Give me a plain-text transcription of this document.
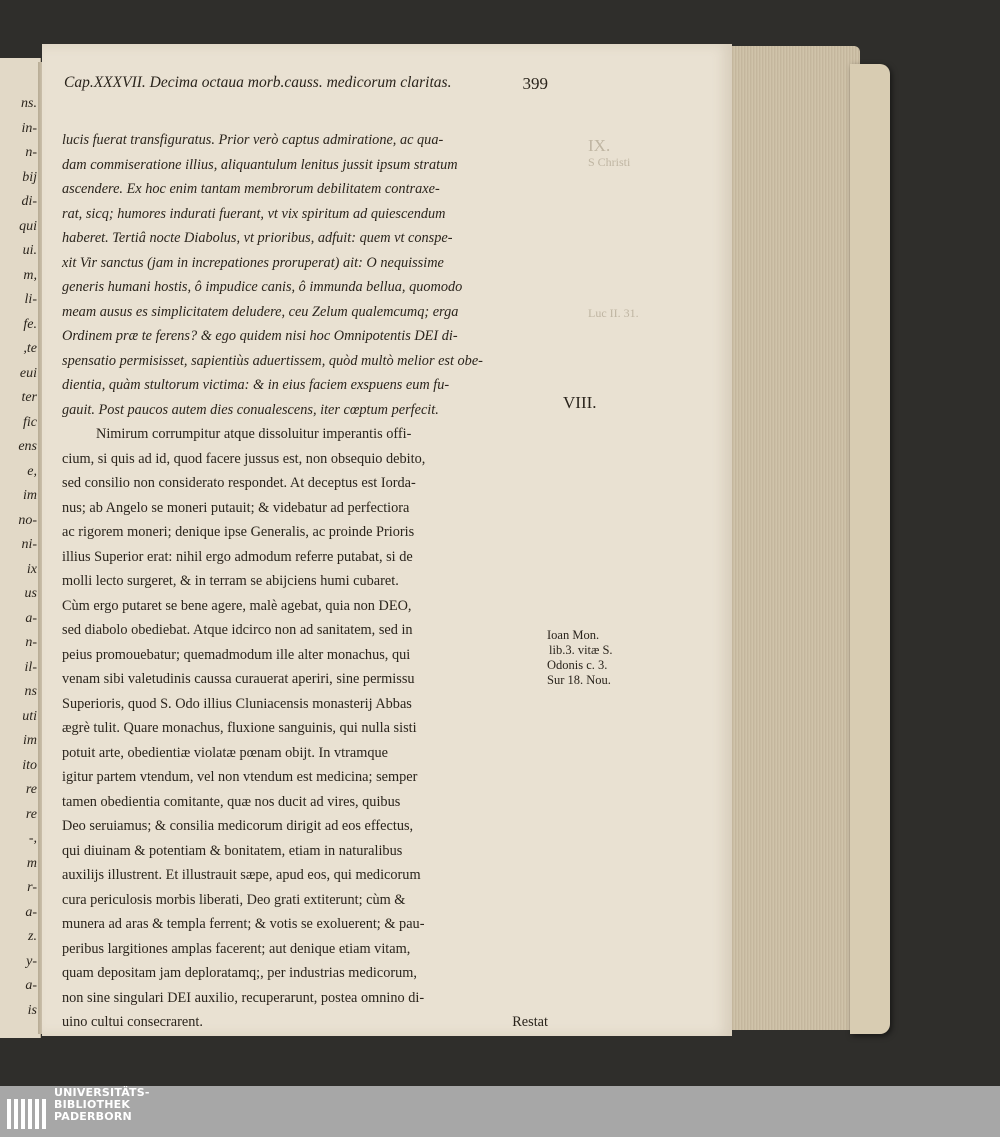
ns.
in-
n-
bij
di-
qui
ui.
m,
li-
fe.
,te
eui
ter
fic
ens
e,
im
no-
ni-
ix
us
a-
n-
il-
ns
uti
im
ito
re
re
-,
m
r-
a-
z.
y-
a-
is
IX.
S Christi
Luc II. 31.
Cap.XXXVII. Decima octaua morb.causs. medicorum claritas.	399
lucis fuerat transfiguratus. Prior verò captus admiratione, ac qua-
dam commiseratione illius, aliquantulum lenitus jussit ipsum stratum
ascendere. Ex hoc enim tantam membrorum debilitatem contraxe-
rat, sicq; humores indurati fuerant, vt vix spiritum ad quiescendum
haberet. Tertiâ nocte Diabolus, vt prioribus, adfuit: quem vt conspe-
xit Vir sanctus (jam in increpationes proruperat) ait: O nequissime
generis humani hostis, ô impudice canis, ô immunda bellua, quomodo
meam ausus es simplicitatem deludere, ceu Zelum qualemcumq; erga
Ordinem præ te ferens? & ego quidem nisi hoc Omnipotentis DEI di-
spensatio permisisset, sapientiùs aduertissem, quòd multò melior est obe-
dientia, quàm stultorum victima: & in eius faciem exspuens eum fu-
gauit. Post paucos autem dies conualescens, iter cœptum perfecit.
Nimirum corrumpitur atque dissoluitur imperantis offi-
cium, si quis ad id, quod facere jussus est, non obsequio debito,
sed consilio non considerato respondet. At deceptus est Iorda-
nus; ab Angelo se moneri putauit; & videbatur ad perfectiora
ac rigorem moneri; denique ipse Generalis, ac proinde Prioris
illius Superior erat: nihil ergo admodum referre putabat, si de
molli lecto surgeret, & in terram se abijciens humi cubaret.
Cùm ergo putaret se bene agere, malè agebat, quia non DEO,
sed diabolo obediebat. Atque idcirco non ad sanitatem, sed in
peius promouebatur; quemadmodum ille alter monachus, qui
venam sibi valetudinis caussa curauerat aperiri, sine permissu
Superioris, quod S. Odo illius Cluniacensis monasterij Abbas
ægrè tulit. Quare monachus, fluxione sanguinis, qui nulla sisti
potuit arte, obedientiæ violatæ pœnam obijt. In vtramque
igitur partem vtendum, vel non vtendum est medicina; semper
tamen obedientia comitante, quæ nos ducit ad vires, quibus
Deo seruiamus; & consilia medicorum dirigit ad eos effectus,
qui diuinam & potentiam & bonitatem, etiam in naturalibus
auxilijs illustrent. Et illustrauit sæpe, apud eos, qui medicorum
cura periculosis morbis liberati, Deo grati extiterunt; cùm &
munera ad aras & templa ferrent; & votis se exoluerent; & pau-
peribus largitiones amplas facerent; aut denique etiam vitam,
quam depositam jam deploratamq;, per industrias medicorum,
non sine singulari DEI auxilio, recuperarunt, postea omnino di-
uino cultui consecrarent.	Restat
VIII.
Ioan Mon.
lib.3. vitæ S.
Odonis c. 3.
Sur 18. Nou.
UNIVERSITÄTS-
BIBLIOTHEK
PADERBORN
